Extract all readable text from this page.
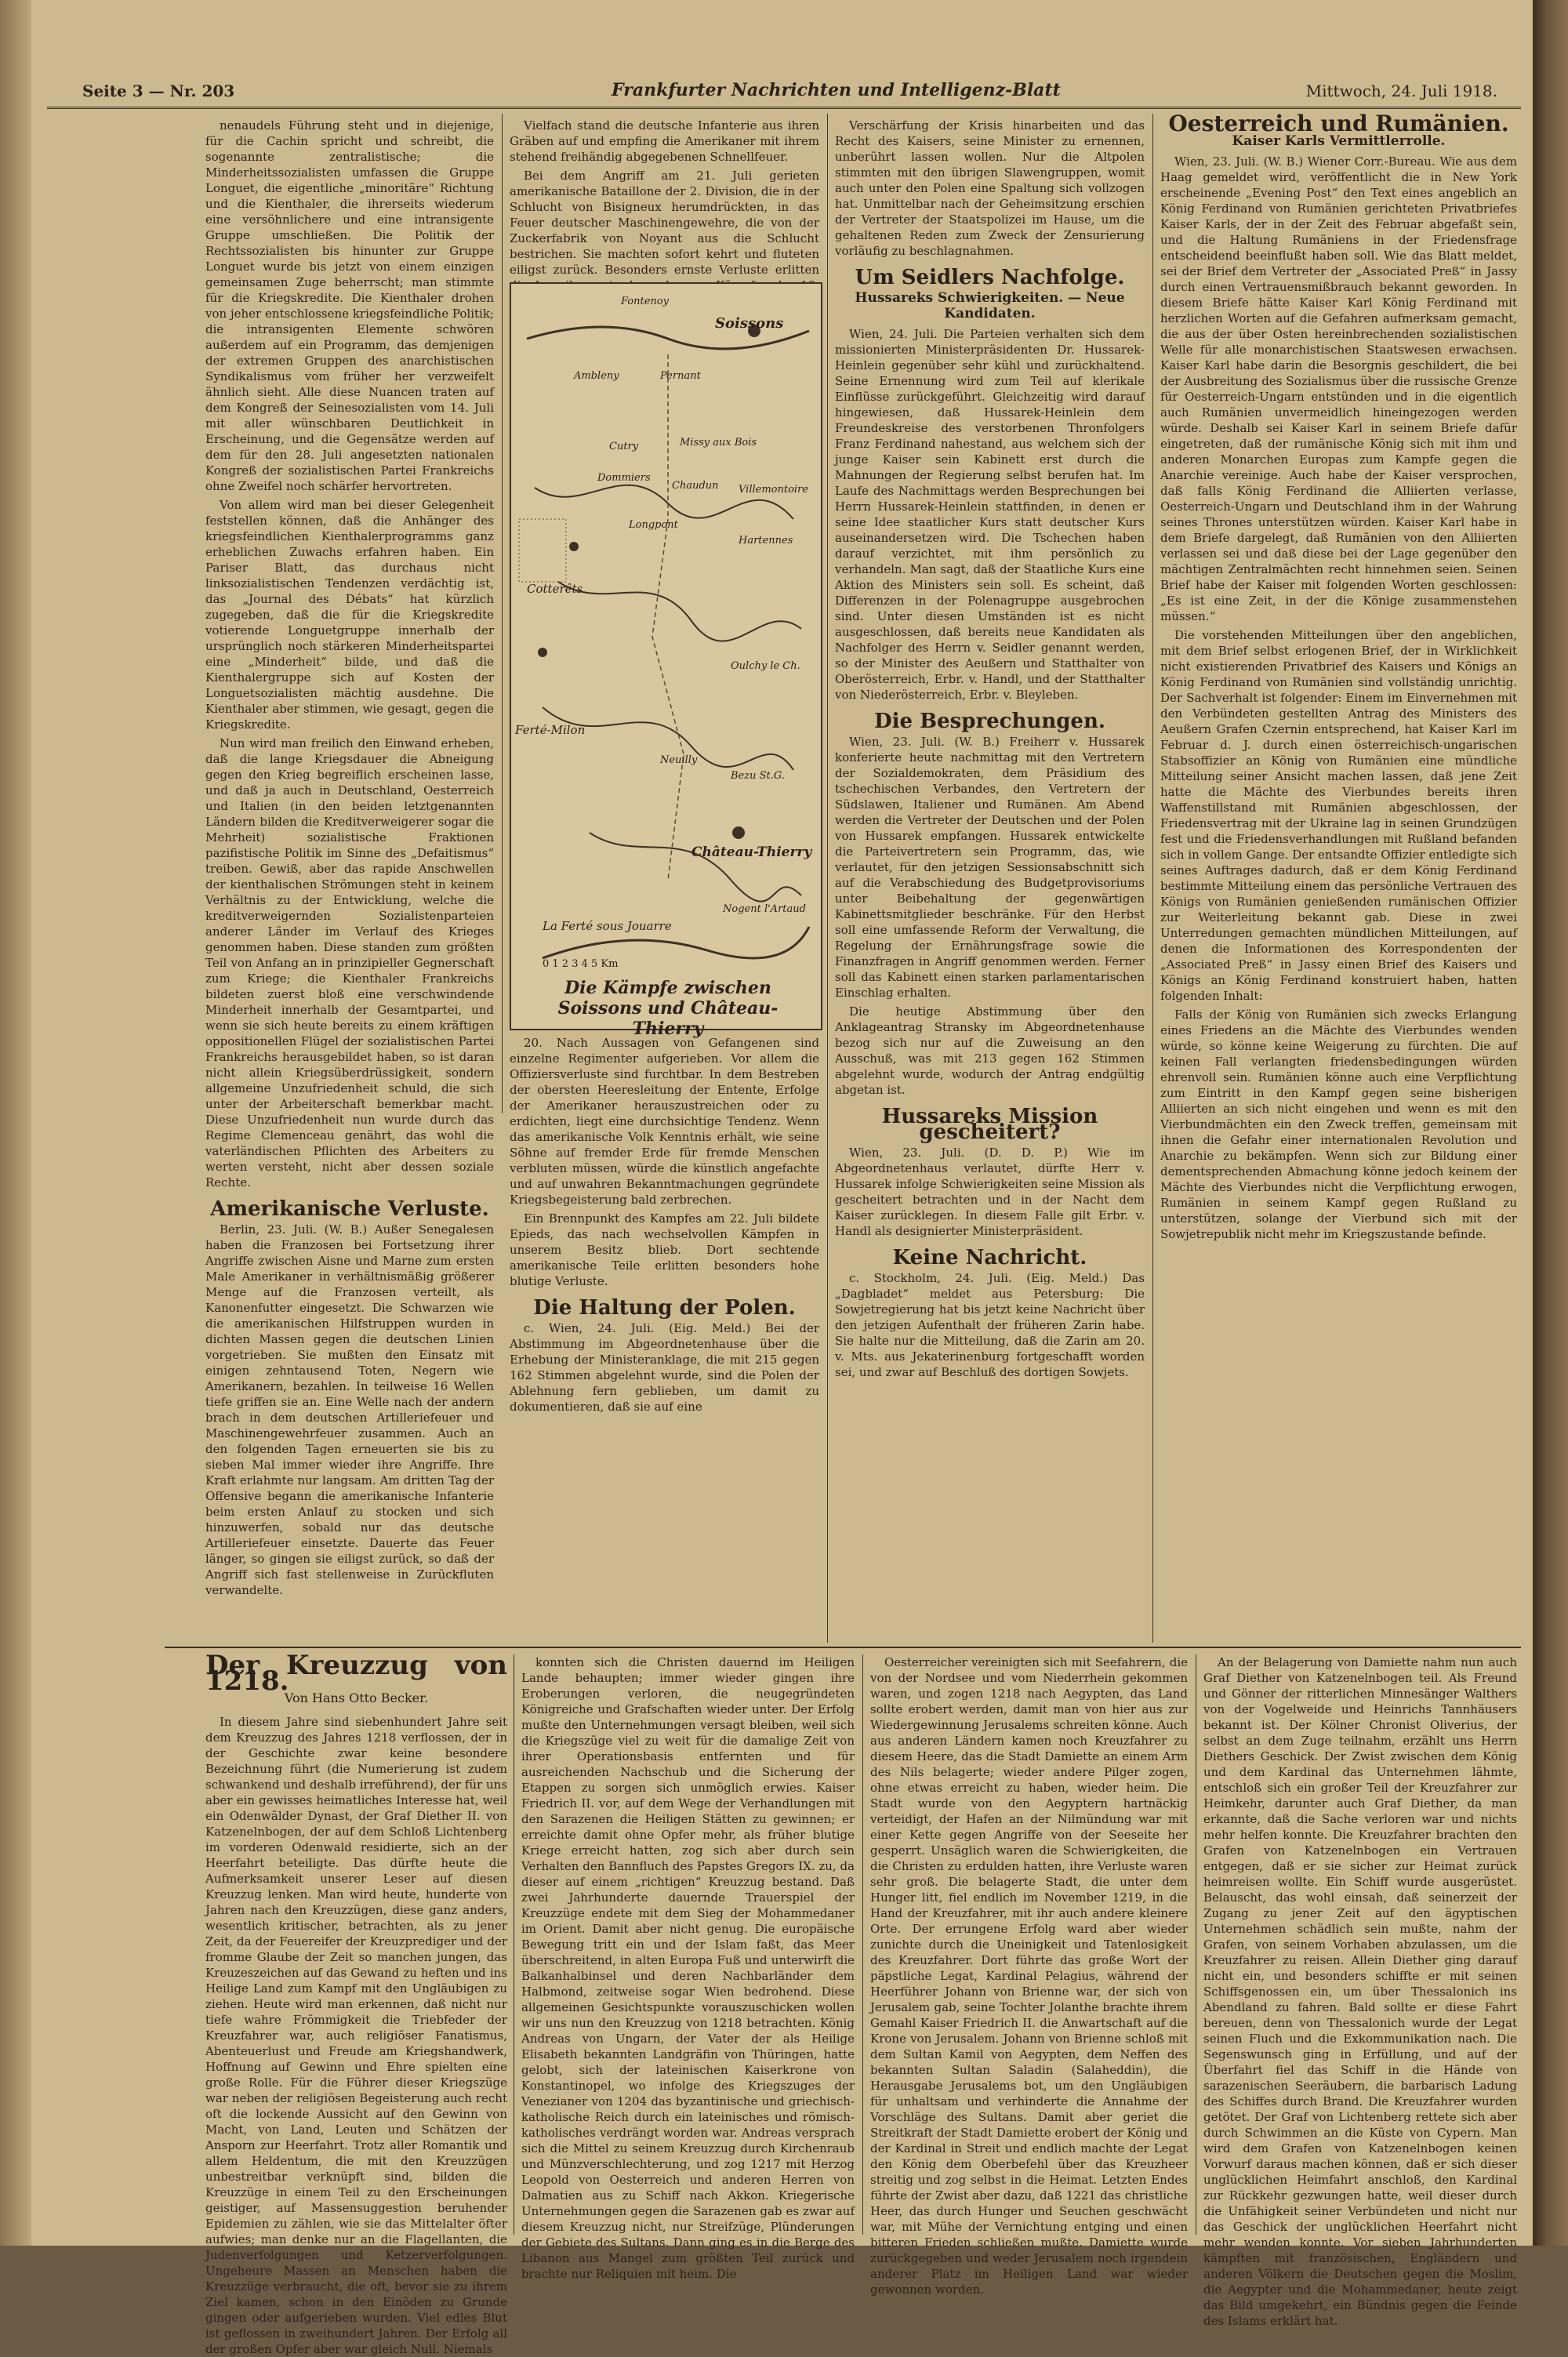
Seite 3 — Nr. 203	Frankfurter Nachrichten und Intelligenz-Blatt	Mittwoch, 24. Juli 1918.

nenaudels Führung steht und in diejenige, für die Cachin spricht und schreibt, die sogenannte zentralistische; die Minderheitssozialisten umfassen die Gruppe Longuet, die eigentliche „minoritäre“ Richtung und die Kienthaler, die ihrerseits wiederum eine versöhnlichere und eine intransigente Gruppe umschließen. Die Politik der Rechtssozialisten bis hinunter zur Gruppe Longuet wurde bis jetzt von einem einzigen gemeinsamen Zuge beherrscht; man stimmte für die Kriegskredite. Die Kienthaler drohen von jeher entschlossene kriegsfeindliche Politik; die intransigenten Elemente schwören außerdem auf ein Programm, das demjenigen der extremen Gruppen des anarchistischen Syndikalismus vom früher her verzweifelt ähnlich sieht. Alle diese Nuancen traten auf dem Kongreß der Seinesozialisten vom 14. Juli mit aller wünschbaren Deutlichkeit in Erscheinung, und die Gegensätze werden auf dem für den 28. Juli angesetzten nationalen Kongreß der sozialistischen Partei Frankreichs ohne Zweifel noch schärfer hervortreten.

Von allem wird man bei dieser Gelegenheit feststellen können, daß die Anhänger des kriegsfeindlichen Kienthalerprogramms ganz erheblichen Zuwachs erfahren haben. Ein Pariser Blatt, das durchaus nicht linksozialistischen Tendenzen verdächtig ist, das „Journal des Débats“ hat kürzlich zugegeben, daß die für die Kriegskredite votierende Longuetgruppe innerhalb der ursprünglich noch stärkeren Minderheitspartei eine „Minderheit“ bilde, und daß die Kienthalergruppe sich auf Kosten der Longuetsozialisten mächtig ausdehne. Die Kienthaler aber stimmen, wie gesagt, gegen die Kriegskredite.

Nun wird man freilich den Einwand erheben, daß die lange Kriegsdauer die Abneigung gegen den Krieg begreiflich erscheinen lasse, und daß ja auch in Deutschland, Oesterreich und Italien (in den beiden letztgenannten Ländern bilden die Kreditverweigerer sogar die Mehrheit) sozialistische Fraktionen pazifistische Politik im Sinne des „Defaitismus“ treiben. Gewiß, aber das rapide Anschwellen der kienthalischen Strömungen steht in keinem Verhältnis zu der Entwicklung, welche die kreditverweigernden Sozialistenparteien anderer Länder im Verlauf des Krieges genommen haben. Diese standen zum größten Teil von Anfang an in prinzipieller Gegnerschaft zum Kriege; die Kienthaler Frankreichs bildeten zuerst bloß eine verschwindende Minderheit innerhalb der Gesamtpartei, und wenn sie sich heute bereits zu einem kräftigen oppositionellen Flügel der sozialistischen Partei Frankreichs herausgebildet haben, so ist daran nicht allein Kriegsüberdrüssigkeit, sondern allgemeine Unzufriedenheit schuld, die sich unter der Arbeiterschaft bemerkbar macht. Diese Unzufriedenheit nun wurde durch das Regime Clemenceau genährt, das wohl die vaterländischen Pflichten des Arbeiters zu werten versteht, nicht aber dessen soziale Rechte.

Amerikanische Verluste.

Berlin, 23. Juli. (W. B.) Außer Senegalesen haben die Franzosen bei Fortsetzung ihrer Angriffe zwischen Aisne und Marne zum ersten Male Amerikaner in verhältnismäßig größerer Menge auf die Franzosen verteilt, als Kanonenfutter eingesetzt. Die Schwarzen wie die amerikanischen Hilfstruppen wurden in dichten Massen gegen die deutschen Linien vorgetrieben. Sie mußten den Einsatz mit einigen zehntausend Toten, Negern wie Amerikanern, bezahlen. In teilweise 16 Wellen tiefe griffen sie an. Eine Welle nach der andern brach in dem deutschen Artilleriefeuer und Maschinengewehrfeuer zusammen. Auch an den folgenden Tagen erneuerten sie bis zu sieben Mal immer wieder ihre Angriffe. Ihre Kraft erlahmte nur langsam. Am dritten Tag der Offensive begann die amerikanische Infanterie beim ersten Anlauf zu stocken und sich hinzuwerfen, sobald nur das deutsche Artilleriefeuer einsetzte. Dauerte das Feuer länger, so gingen sie eiligst zurück, so daß der Angriff sich fast stellenweise in Zurückfluten verwandelte.

Vielfach stand die deutsche Infanterie aus ihren Gräben auf und empfing die Amerikaner mit ihrem stehend freihändig abgegebenen Schnellfeuer.

Bei dem Angriff am 21. Juli gerieten amerikanische Bataillone der 2. Division, die in der Schlucht von Bisigneux herumdrückten, in das Feuer deutscher Maschinengewehre, die von der Zuckerfabrik von Noyant aus die Schlucht bestrichen. Sie machten sofort kehrt und fluteten eiligst zurück. Besonders ernste Verluste erlitten

Soissons
Fontenoy
Ambleny	Pernant
Cutry	Missy aux Bois
Dommiers
Chaudun Villemontoire
Longpont
Hartennes
Cotterêts
Ferté-Milon
Neuilly
Oulchy le Ch.
Bezu St.G.
Château-Thierry
La Ferté sous Jouarre
Nogent l'Artaud
0 1 2 3 4 5 Km
Die Kämpfe zwischen Soissons und Château-Thierry

20. Nach Aussagen von Gefangenen sind einzelne Regimenter aufgerieben. Vor allem die Offiziersverluste sind furchtbar. In dem Bestreben der obersten Heeresleitung der Entente, Erfolge der Amerikaner herauszustreichen oder zu erdichten, liegt eine durchsichtige Tendenz. Wenn das amerikanische Volk Kenntnis erhält, wie seine Söhne auf fremder Erde für fremde Menschen verbluten müssen, würde die künstlich angefachte und auf unwahren Bekanntmachungen gegründete Kriegsbegeisterung bald zerbrechen.

Ein Brennpunkt des Kampfes am 22. Juli bildete Epieds, das nach wechselvollen Kämpfen in unserem Besitz blieb. Dort sechtende amerikanische Teile erlitten besonders hohe blutige Verluste.

Die Haltung der Polen.

c. Wien, 24. Juli. (Eig. Meld.) Bei der Abstimmung im Abgeordnetenhause über die Erhebung der Ministeranklage, die mit 215 gegen 162 Stimmen abgelehnt wurde, sind die Polen der Ablehnung fern geblieben, um damit zu dokumentieren, daß sie auf eine

Verschärfung der Krisis hinarbeiten und das Recht des Kaisers, seine Minister zu ernennen, unberührt lassen wollen. Nur die Altpolen stimmten mit den übrigen Slawengruppen, womit auch unter den Polen eine Spaltung sich vollzogen hat. Unmittelbar nach der Geheimsitzung erschien der Vertreter der Staatspolizei im Hause, um die gehaltenen Reden zum Zweck der Zensurierung vorläufig zu beschlagnahmen.

Um Seidlers Nachfolge.
Hussareks Schwierigkeiten. — Neue Kandidaten.

Wien, 24. Juli. Die Parteien verhalten sich dem missionierten Ministerpräsidenten Dr. Hussarek-Heinlein gegenüber sehr kühl und zurückhaltend. Seine Ernennung wird zum Teil auf klerikale Einflüsse zurückgeführt. Gleichzeitig wird darauf hingewiesen, daß Hussarek-Heinlein dem Freundeskreise des verstorbenen Thronfolgers Franz Ferdinand nahestand, aus welchem sich der junge Kaiser sein Kabinett erst durch die Mahnungen der Regierung selbst berufen hat. Im Laufe des Nachmittags werden Besprechungen bei Herrn Hussarek-Heinlein stattfinden, in denen er seine Idee staatlicher Kurs statt deutscher Kurs auseinandersetzen wird. Die Tschechen haben darauf verzichtet, mit ihm persönlich zu verhandeln. Man sagt, daß der Staatliche Kurs eine Aktion des Ministers sein soll. Es scheint, daß Differenzen in der Polenagruppe ausgebrochen sind. Unter diesen Umständen ist es nicht ausgeschlossen, daß bereits neue Kandidaten als Nachfolger des Herrn v. Seidler genannt werden, so der Minister des Aeußern und Statthalter von Oberösterreich, Erbr. v. Handl, und der Statthalter von Niederösterreich, Erbr. v. Bleyleben.

Die Besprechungen.

Wien, 23. Juli. (W. B.) Freiherr v. Hussarek konferierte heute nachmittag mit den Vertretern der Sozialdemokraten, dem Präsidium des tschechischen Verbandes, den Vertretern der Südslawen, Italiener und Rumänen. Am Abend werden die Vertreter der Deutschen und der Polen von Hussarek empfangen. Hussarek entwickelte die Parteivertretern sein Programm, das, wie verlautet, für den jetzigen Sessionsabschnitt sich auf die Verabschiedung des Budgetprovisoriums unter Beibehaltung der gegenwärtigen Kabinettsmitglieder beschränke. Für den Herbst soll eine umfassende Reform der Verwaltung, die Regelung der Ernährungsfrage sowie die Finanzfragen in Angriff genommen werden. Ferner soll das Kabinett einen starken parlamentarischen Einschlag erhalten.

Die heutige Abstimmung über den Anklageantrag Stransky im Abgeordnetenhause bezog sich nur auf die Zuweisung an den Ausschuß, was mit 213 gegen 162 Stimmen abgelehnt wurde, wodurch der Antrag endgültig abgetan ist.

Hussareks Mission gescheitert?

Wien, 23. Juli. (D. D. P.) Wie im Abgeordnetenhaus verlautet, dürfte Herr v. Hussarek infolge Schwierigkeiten seine Mission als gescheitert betrachten und in der Nacht dem Kaiser zurücklegen. In diesem Falle gilt Erbr. v. Handl als designierter Ministerpräsident.

Keine Nachricht.

c. Stockholm, 24. Juli. (Eig. Meld.) Das „Dagbladet“ meldet aus Petersburg: Die Sowjetregierung hat bis jetzt keine Nachricht über den jetzigen Aufenthalt der früheren Zarin habe. Sie halte nur die Mitteilung, daß die Zarin am 20. v. Mts. aus Jekaterinenburg fortgeschafft worden sei, und zwar auf Beschluß des dortigen Sowjets.

Oesterreich und Rumänien.
Kaiser Karls Vermittlerrolle.

Wien, 23. Juli. (W. B.) Wiener Corr.-Bureau. Wie aus dem Haag gemeldet wird, veröffentlicht die in New York erscheinende „Evening Post“ den Text eines angeblich an König Ferdinand von Rumänien gerichteten Privatbriefes Kaiser Karls, der in der Zeit des Februar abgefaßt sein, und die Haltung Rumäniens in der Friedensfrage entscheidend beeinflußt haben soll. Wie das Blatt meldet, sei der Brief dem Vertreter der „Associated Preß“ in Jassy durch einen Vertrauensmißbrauch bekannt geworden. In diesem Briefe hätte Kaiser Karl König Ferdinand mit herzlichen Worten auf die Gefahren aufmerksam gemacht, die aus der über Osten hereinbrechenden sozialistischen Welle für alle monarchistischen Staatswesen erwachsen. Kaiser Karl habe darin die Besorgnis geschildert, die bei der Ausbreitung des Sozialismus über die russische Grenze für Oesterreich-Ungarn entstünden und in die eigentlich auch Rumänien unvermeidlich hineingezogen werden würde. Deshalb sei Kaiser Karl in seinem Briefe dafür eingetreten, daß der rumänische König sich mit ihm und anderen Monarchen Europas zum Kampfe gegen die Anarchie vereinige. Auch habe der Kaiser versprochen, daß falls König Ferdinand die Alliierten verlasse, Oesterreich-Ungarn und Deutschland ihm in der Wahrung seines Thrones unterstützen würden. Kaiser Karl habe in dem Briefe dargelegt, daß Rumänien von den Alliierten verlassen sei und daß diese bei der Lage gegenüber den mächtigen Zentralmächten recht hinnehmen seien. Seinen Brief habe der Kaiser mit folgenden Worten geschlossen: „Es ist eine Zeit, in der die Könige zusammenstehen müssen.“

Die vorstehenden Mitteilungen über den angeblichen, mit dem Brief selbst erlogenen Brief, der in Wirklichkeit nicht existierenden Privatbrief des Kaisers und Königs an König Ferdinand von Rumänien sind vollständig unrichtig. Der Sachverhalt ist folgender: Einem im Einvernehmen mit den Verbündeten gestellten Antrag des Ministers des Aeußern Grafen Czernin entsprechend, hat Kaiser Karl im Februar d. J. durch einen österreichisch-ungarischen Stabsoffizier an König von Rumänien eine mündliche Mitteilung seiner Ansicht machen lassen, daß jene Zeit hatte die Mächte des Vierbundes bereits ihren Waffenstillstand mit Rumänien abgeschlossen, der Friedensvertrag mit der Ukraine lag in seinen Grundzügen fest und die Friedensverhandlungen mit Rußland befanden sich in vollem Gange. Der entsandte Offizier entledigte sich seines Auftrages dadurch, daß er dem König Ferdinand bestimmte Mitteilung einem das persönliche Vertrauen des Königs von Rumänien genießenden rumänischen Offizier zur Weiterleitung bekannt gab. Diese in zwei Unterredungen gemachten mündlichen Mitteilungen, auf denen die Informationen des Korrespondenten der „Associated Preß“ in Jassy einen Brief des Kaisers und Königs an König Ferdinand konstruiert haben, hatten folgenden Inhalt:

Falls der König von Rumänien sich zwecks Erlangung eines Friedens an die Mächte des Vierbundes wenden würde, so könne keine Weigerung zu fürchten. Die auf keinen Fall verlangten friedensbedingungen würden ehrenvoll sein. Rumänien könne auch eine Verpflichtung zum Eintritt in den Kampf gegen seine bisherigen Alliierten an sich nicht eingehen und wenn es mit den Vierbundmächten ein den Zweck treffen, gemeinsam mit ihnen die Gefahr einer internationalen Revolution und Anarchie zu bekämpfen. Wenn sich zur Bildung einer dementsprechenden Abmachung könne jedoch keinem der Mächte des Vierbundes nicht die Verpflichtung erwogen, Rumänien in seinem Kampf gegen Rußland zu unterstützen, solange der Vierbund sich mit der Sowjetrepublik nicht mehr im Kriegszustande befinde.

Der Kreuzzug von 1218.
Von Hans Otto Becker.

In diesem Jahre sind siebenhundert Jahre seit dem Kreuzzug des Jahres 1218 verflossen, der in der Geschichte zwar keine besondere Bezeichnung führt (die Numerierung ist zudem schwankend und deshalb irreführend), der für uns aber ein gewisses heimatliches Interesse hat, weil ein Odenwälder Dynast, der Graf Diether II. von Katzenelnbogen, der auf dem Schloß Lichtenberg im vorderen Odenwald residierte, sich an der Heerfahrt beteiligte. Das dürfte heute die Aufmerksamkeit unserer Leser auf diesen Kreuzzug lenken. Man wird heute, hunderte von Jahren nach den Kreuzzügen, diese ganz anders, wesentlich kritischer, betrachten, als zu jener Zeit, da der Feuereifer der Kreuzprediger und der fromme Glaube der Zeit so manchen jungen, das Kreuzeszeichen auf das Gewand zu heften und ins Heilige Land zum Kampf mit den Ungläubigen zu ziehen. Heute wird man erkennen, daß nicht nur tiefe wahre Frömmigkeit die Triebfeder der Kreuzfahrer war, auch religiöser Fanatismus, Abenteuerlust und Freude am Kriegshandwerk, Hoffnung auf Gewinn und Ehre spielten eine große Rolle. Für die Führer dieser Kriegszüge war neben der religiösen Begeisterung auch recht oft die lockende Aussicht auf den Gewinn von Macht, von Land, Leuten und Schätzen der Ansporn zur Heerfahrt. Trotz aller Romantik und allem Heldentum, die mit den Kreuzzügen unbestreitbar verknüpft sind, bilden die Kreuzzüge in einem Teil zu den Erscheinungen geistiger, auf Massensuggestion beruhender Epidemien zu zählen, wie sie das Mittelalter öfter aufwies; man denke nur an die Flagellanten, die Judenverfolgungen und Ketzerverfolgungen. Ungeheure Massen an Menschen haben die Kreuzzüge verbraucht, die oft, bevor sie zu ihrem Ziel kamen, schon in den Einöden zu Grunde gingen oder aufgerieben wurden. Viel edles Blut ist geflossen in zweihundert Jahren. Der Erfolg all der großen Opfer aber war gleich Null. Niemals

konnten sich die Christen dauernd im Heiligen Lande behaupten; immer wieder gingen ihre Eroberungen verloren, die neugegründeten Königreiche und Grafschaften wieder unter. Der Erfolg mußte den Unternehmungen versagt bleiben, weil sich die Kriegszüge viel zu weit für die damalige Zeit von ihrer Operationsbasis entfernten und für ausreichenden Nachschub und die Sicherung der Etappen zu sorgen sich unmöglich erwies. Kaiser Friedrich II. vor, auf dem Wege der Verhandlungen mit den Sarazenen die Heiligen Stätten zu gewinnen; er erreichte damit ohne Opfer mehr, als früher blutige Kriege erreicht hatten, zog sich aber durch sein Verhalten den Bannfluch des Papstes Gregors IX. zu, da dieser auf einem „richtigen“ Kreuzzug bestand. Daß zwei Jahrhunderte dauernde Trauerspiel der Kreuzzüge endete mit dem Sieg der Mohammedaner im Orient. Damit aber nicht genug. Die europäische Bewegung tritt ein und der Islam faßt, das Meer überschreitend, in alten Europa Fuß und unterwirft die Balkanhalbinsel und deren Nachbarländer dem Halbmond, zeitweise sogar Wien bedrohend. Diese allgemeinen Gesichtspunkte vorauszuschicken wollen wir uns nun den Kreuzzug von 1218 betrachten. König Andreas von Ungarn, der Vater der als Heilige Elisabeth bekannten Landgräfin von Thüringen, hatte gelobt, sich der lateinischen Kaiserkrone von Konstantinopel, wo infolge des Kriegszuges der Venezianer von 1204 das byzantinische und griechisch-katholische Reich durch ein lateinisches und römisch-katholisches verdrängt worden war. Andreas versprach sich die Mittel zu seinem Kreuzzug durch Kirchenraub und Münzverschlechterung, und zog 1217 mit Herzog Leopold von Oesterreich und anderen Herren von Dalmatien aus zu Schiff nach Akkon. Kriegerische Unternehmungen gegen die Sarazenen gab es zwar auf diesem Kreuzzug nicht, nur Streifzüge, Plünderungen der Gebiete des Sultans. Dann ging es in die Berge des Libanon aus Mangel zum größten Teil zurück und brachte nur Reliquien mit heim. Die

Oesterreicher vereinigten sich mit Seefahrern, die von der Nordsee und vom Niederrhein gekommen waren, und zogen 1218 nach Aegypten, das Land sollte erobert werden, damit man von hier aus zur Wiedergewinnung Jerusalems schreiten könne. Auch aus anderen Ländern kamen noch Kreuzfahrer zu diesem Heere, das die Stadt Damiette an einem Arm des Nils belagerte; wieder andere Pilger zogen, ohne etwas erreicht zu haben, wieder heim. Die Stadt wurde von den Aegyptern hartnäckig verteidigt, der Hafen an der Nilmündung war mit einer Kette gegen Angriffe von der Seeseite her gesperrt. Unsäglich waren die Schwierigkeiten, die die Christen zu erdulden hatten, ihre Verluste waren sehr groß. Die belagerte Stadt, die unter dem Hunger litt, fiel endlich im November 1219, in die Hand der Kreuzfahrer, mit ihr auch andere kleinere Orte. Der errungene Erfolg ward aber wieder zunichte durch die Uneinigkeit und Tatenlosigkeit des Kreuzfahrer. Dort führte das große Wort der päpstliche Legat, Kardinal Pelagius, während der Heerführer Johann von Brienne war, der sich von Jerusalem gab, seine Tochter Jolanthe brachte ihrem Gemahl Kaiser Friedrich II. die Anwartschaft auf die Krone von Jerusalem. Johann von Brienne schloß mit dem Sultan Kamil von Aegypten, dem Neffen des bekannten Sultan Saladin (Salaheddin), die Herausgabe Jerusalems bot, um den Ungläubigen für unhaltsam und verhinderte die Annahme der Vorschläge des Sultans. Damit aber geriet die Streitkraft der Stadt Damiette erobert der König und der Kardinal in Streit und endlich machte der Legat den König dem Oberbefehl über das Kreuzheer streitig und zog selbst in die Heimat. Letzten Endes führte der Zwist aber dazu, daß 1221 das christliche Heer, das durch Hunger und Seuchen geschwächt war, mit Mühe der Vernichtung entging und einen bitteren Frieden schließen mußte. Damiette wurde zurückgegeben und weder Jerusalem noch irgendein anderer Platz im Heiligen Land war wieder gewonnen worden.

An der Belagerung von Damiette nahm nun auch Graf Diether von Katzenelnbogen teil. Als Freund und Gönner der ritterlichen Minnesänger Walthers von der Vogelweide und Heinrichs Tannhäusers bekannt ist. Der Kölner Chronist Oliverius, der selbst an dem Zuge teilnahm, erzählt uns Herrn Diethers Geschick. Der Zwist zwischen dem König und dem Kardinal das Unternehmen lähmte, entschloß sich ein großer Teil der Kreuzfahrer zur Heimkehr, darunter auch Graf Diether, da man erkannte, daß die Sache verloren war und nichts mehr helfen konnte. Die Kreuzfahrer brachten den Grafen von Katzenelnbogen ein Vertrauen entgegen, daß er sie sicher zur Heimat zurück heimreisen wollte. Ein Schiff wurde ausgerüstet. Belauscht, das wohl einsah, daß seinerzeit der Zugang zu jener Zeit auf den ägyptischen Unternehmen schädlich sein mußte, nahm der Grafen, von seinem Vorhaben abzulassen, um die Kreuzfahrer zu reisen. Allein Diether ging darauf nicht ein, und besonders schiffte er mit seinen Schiffsgenossen ein, um über Thessalonich ins Abendland zu fahren. Bald sollte er diese Fahrt bereuen, denn von Thessalonich wurde der Legat seinen Fluch und die Exkommunikation nach. Die Segenswunsch ging in Erfüllung, und auf der Überfahrt fiel das Schiff in die Hände von sarazenischen Seeräubern, die barbarisch Ladung des Schiffes durch Brand. Die Kreuzfahrer wurden getötet. Der Graf von Lichtenberg rettete sich aber durch Schwimmen an die Küste von Cypern. Man wird dem Grafen von Katzenelnbogen keinen Vorwurf daraus machen können, daß er sich dieser unglücklichen Heimfahrt anschloß, den Kardinal zur Rückkehr gezwungen hatte, weil dieser durch die Unfähigkeit seiner Verbündeten und nicht nur das Geschick der unglücklichen Heerfahrt nicht mehr wenden konnte. Vor sieben Jahrhunderten kämpften mit französischen, Engländern und anderen Völkern die Deutschen gegen die Moslim, die Aegypter und die Mohammedaner, heute zeigt das Bild umgekehrt, ein Bündnis gegen die Feinde des Islams erklärt hat.
